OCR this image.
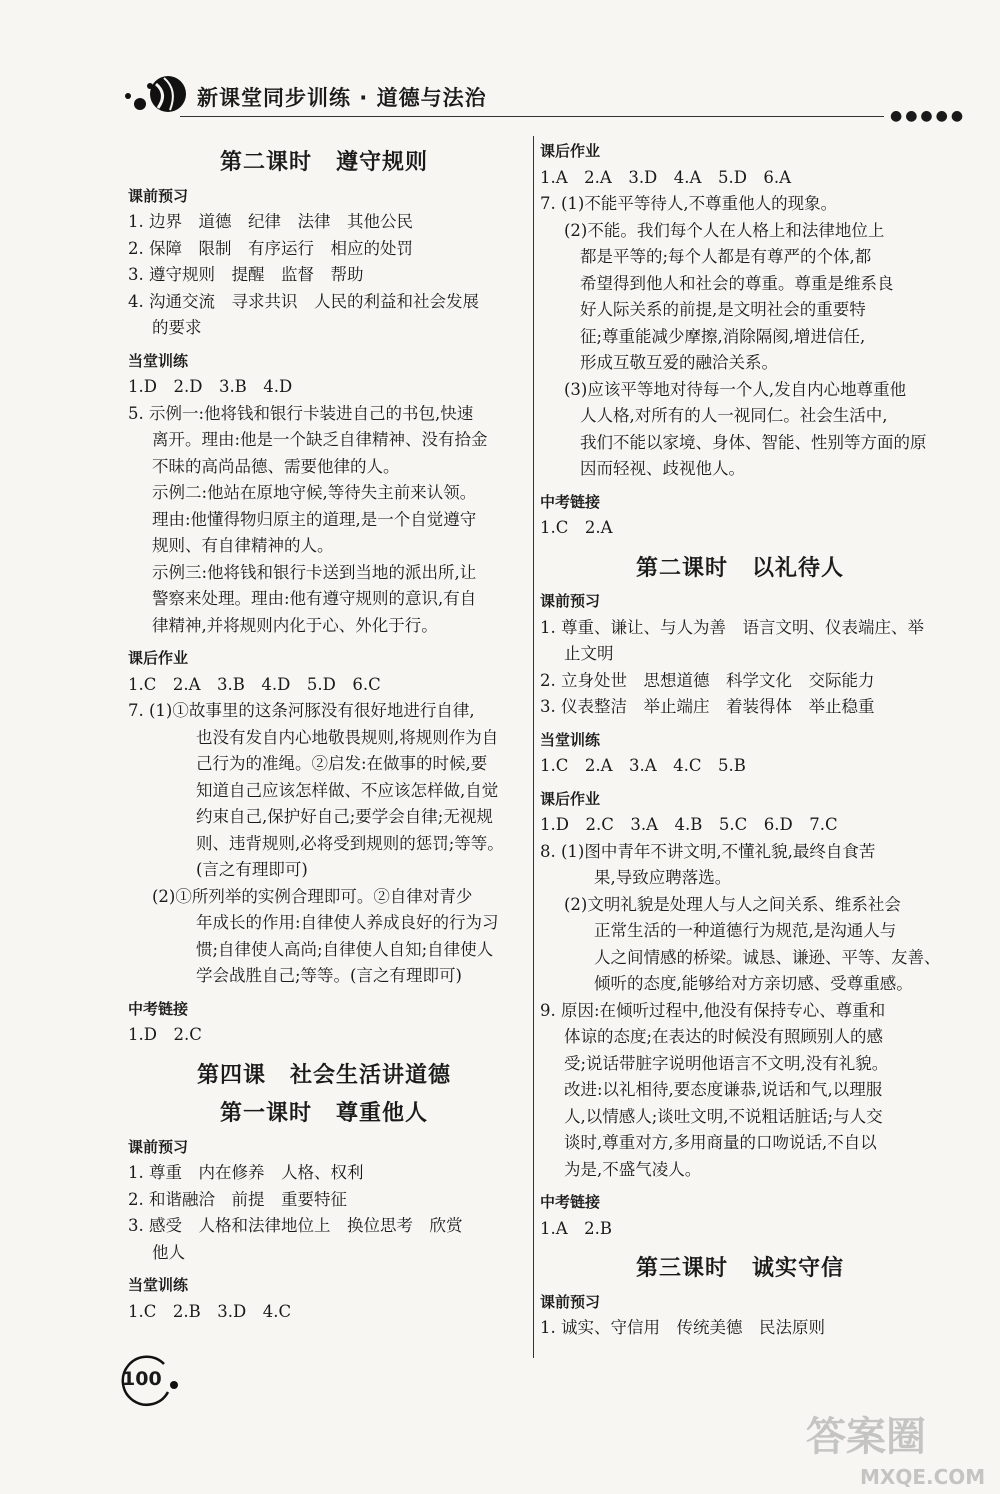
新课堂同步训练 · 道德与法治
●●●●●
第二课时 遵守规则
课前预习
1. 边界　道德　纪律　法律　其他公民
2. 保障　限制　有序运行　相应的处罚
3. 遵守规则　提醒　监督　帮助
4. 沟通交流　寻求共识　人民的利益和社会发展
的要求
当堂训练
1.D　2.D　3.B　4.D
5. 示例一:他将钱和银行卡装进自己的书包,快速
离开。理由:他是一个缺乏自律精神、没有拾金
不昧的高尚品德、需要他律的人。
示例二:他站在原地守候,等待失主前来认领。
理由:他懂得物归原主的道理,是一个自觉遵守
规则、有自律精神的人。
示例三:他将钱和银行卡送到当地的派出所,让
警察来处理。理由:他有遵守规则的意识,有自
律精神,并将规则内化于心、外化于行。
课后作业
1.C　2.A　3.B　4.D　5.D　6.C
7. (1)①故事里的这条河豚没有很好地进行自律,
也没有发自内心地敬畏规则,将规则作为自
己行为的准绳。②启发:在做事的时候,要
知道自己应该怎样做、不应该怎样做,自觉
约束自己,保护好自己;要学会自律;无视规
则、违背规则,必将受到规则的惩罚;等等。
(言之有理即可)
(2)①所列举的实例合理即可。②自律对青少
年成长的作用:自律使人养成良好的行为习
惯;自律使人高尚;自律使人自知;自律使人
学会战胜自己;等等。(言之有理即可)
中考链接
1.D　2.C
第四课 社会生活讲道德
第一课时 尊重他人
课前预习
1. 尊重　内在修养　人格、权利
2. 和谐融洽　前提　重要特征
3. 感受　人格和法律地位上　换位思考　欣赏
他人
当堂训练
1.C　2.B　3.D　4.C
课后作业
1.A　2.A　3.D　4.A　5.D　6.A
7. (1)不能平等待人,不尊重他人的现象。
(2)不能。我们每个人在人格上和法律地位上
都是平等的;每个人都是有尊严的个体,都
希望得到他人和社会的尊重。尊重是维系良
好人际关系的前提,是文明社会的重要特
征;尊重能减少摩擦,消除隔阂,增进信任,
形成互敬互爱的融洽关系。
(3)应该平等地对待每一个人,发自内心地尊重他
人人格,对所有的人一视同仁。社会生活中,
我们不能以家境、身体、智能、性别等方面的原
因而轻视、歧视他人。
中考链接
1.C　2.A
第二课时 以礼待人
课前预习
1. 尊重、谦让、与人为善　语言文明、仪表端庄、举
止文明
2. 立身处世　思想道德　科学文化　交际能力
3. 仪表整洁　举止端庄　着装得体　举止稳重
当堂训练
1.C　2.A　3.A　4.C　5.B
课后作业
1.D　2.C　3.A　4.B　5.C　6.D　7.C
8. (1)图中青年不讲文明,不懂礼貌,最终自食苦
果,导致应聘落选。
(2)文明礼貌是处理人与人之间关系、维系社会
正常生活的一种道德行为规范,是沟通人与
人之间情感的桥梁。诚恳、谦逊、平等、友善、
倾听的态度,能够给对方亲切感、受尊重感。
9. 原因:在倾听过程中,他没有保持专心、尊重和
体谅的态度;在表达的时候没有照顾别人的感
受;说话带脏字说明他语言不文明,没有礼貌。
改进:以礼相待,要态度谦恭,说话和气,以理服
人,以情感人;谈吐文明,不说粗话脏话;与人交
谈时,尊重对方,多用商量的口吻说话,不自以
为是,不盛气凌人。
中考链接
1.A　2.B
第三课时 诚实守信
课前预习
1. 诚实、守信用　传统美德　民法原则
100
答案圈
MXQE.COM
